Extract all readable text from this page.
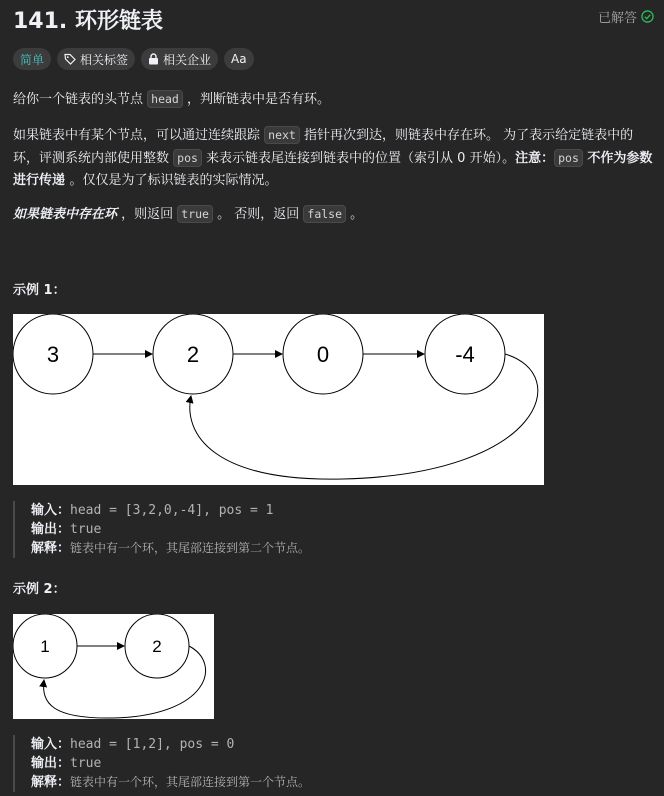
141. 环形链表	已解答
简单	相关标签	相关企业 Aa
给你一个链表的头节点 head ，判断链表中是否有环。
如果链表中有某个节点，可以通过连续跟踪 next 指针再次到达，则链表中存在环。 为了表示给定链表中的环，评测系统内部使用整数 pos 来表示链表尾连接到链表中的位置（索引从 0 开始）。注意： pos 不作为参数进行传递 。仅仅是为了标识链表的实际情况。
如果链表中存在环 ，则返回 true 。 否则，返回 false 。
示例 1：
3	2	0	-4
输入： head = [3,2,0,-4], pos = 1
输出： true
解释： 链表中有一个环，其尾部连接到第二个节点。
示例 2：
1	2
输入： head = [1,2], pos = 0
输出： true
解释： 链表中有一个环，其尾部连接到第一个节点。
